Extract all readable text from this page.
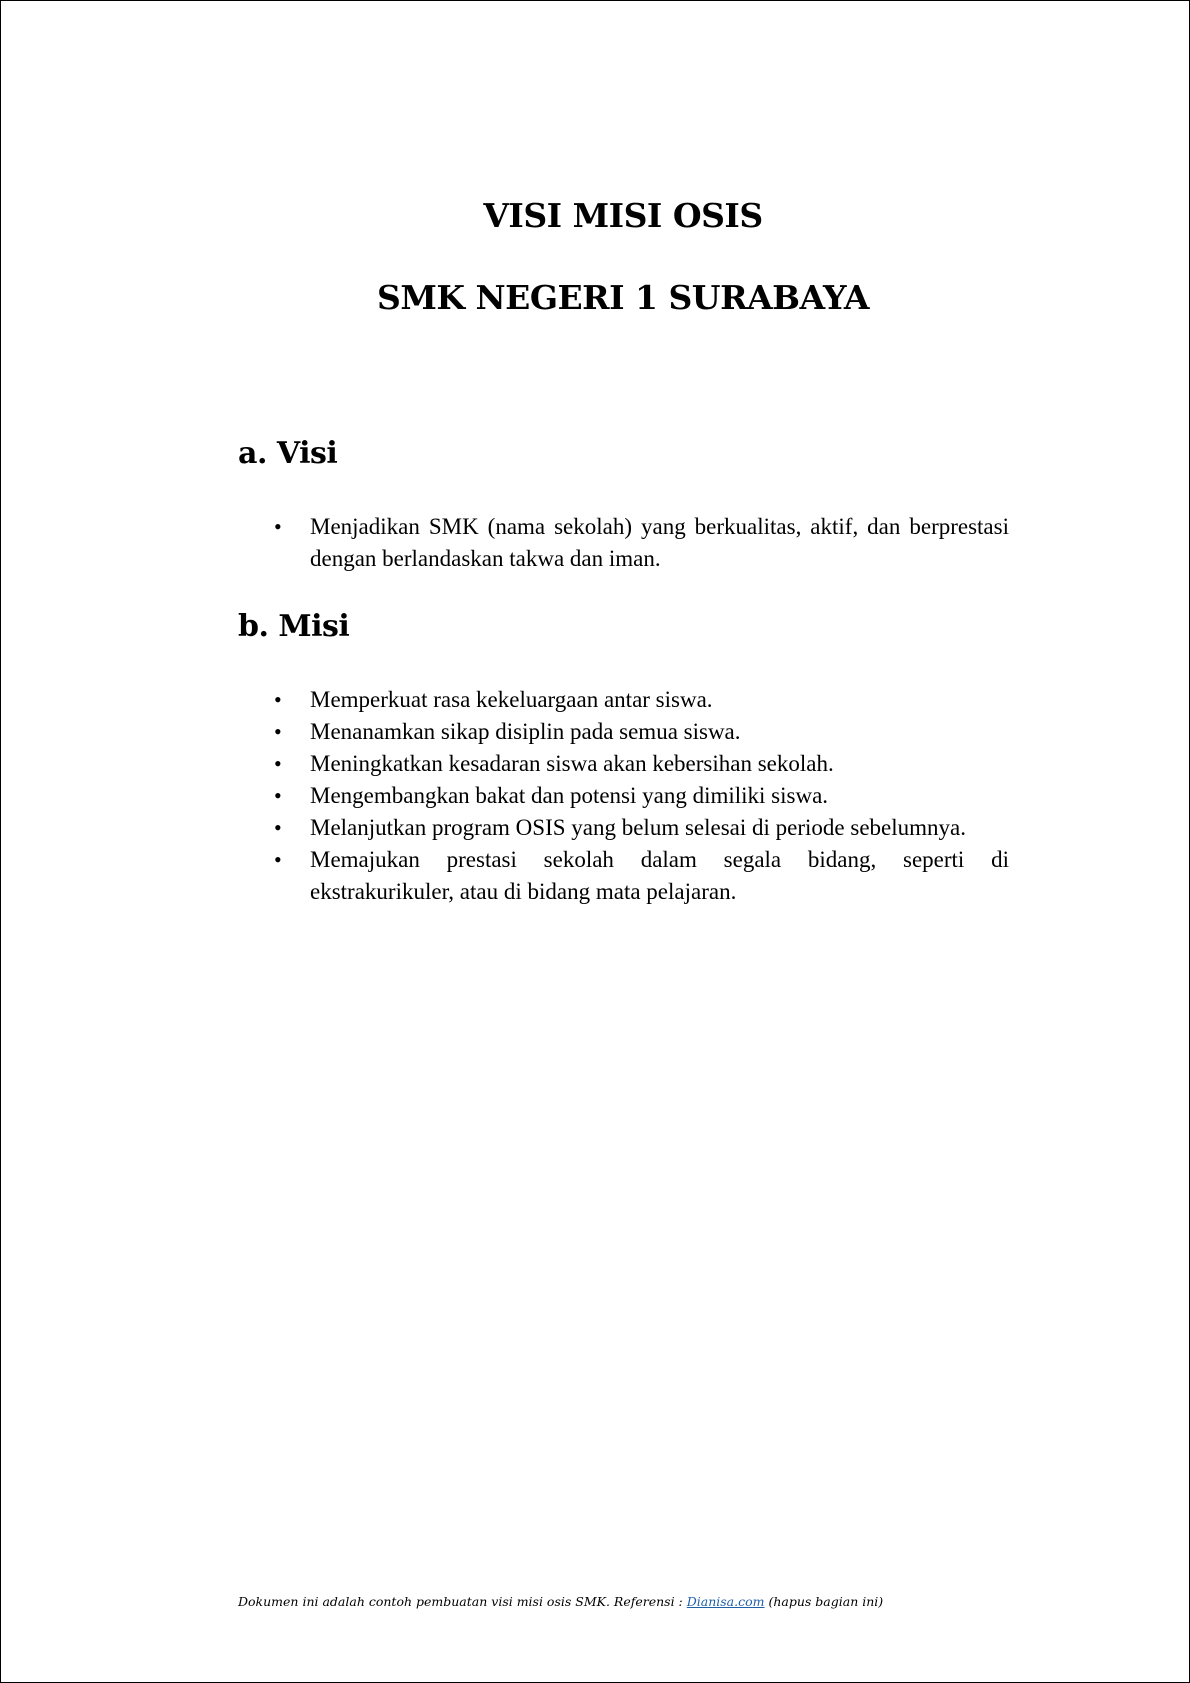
VISI MISI OSIS
SMK NEGERI 1 SURABAYA
a. Visi
•	Menjadikan SMK (nama sekolah) yang berkualitas, aktif, dan berprestasi dengan berlandaskan takwa dan iman.
b. Misi
•	Memperkuat rasa kekeluargaan antar siswa.
•	Menanamkan sikap disiplin pada semua siswa.
•	Meningkatkan kesadaran siswa akan kebersihan sekolah.
•	Mengembangkan bakat dan potensi yang dimiliki siswa.
•	Melanjutkan program OSIS yang belum selesai di periode sebelumnya.
•	Memajukan prestasi sekolah dalam segala bidang, seperti di ekstrakurikuler, atau di bidang mata pelajaran.
Dokumen ini adalah contoh pembuatan visi misi osis SMK. Referensi : Dianisa.com (hapus bagian ini)
